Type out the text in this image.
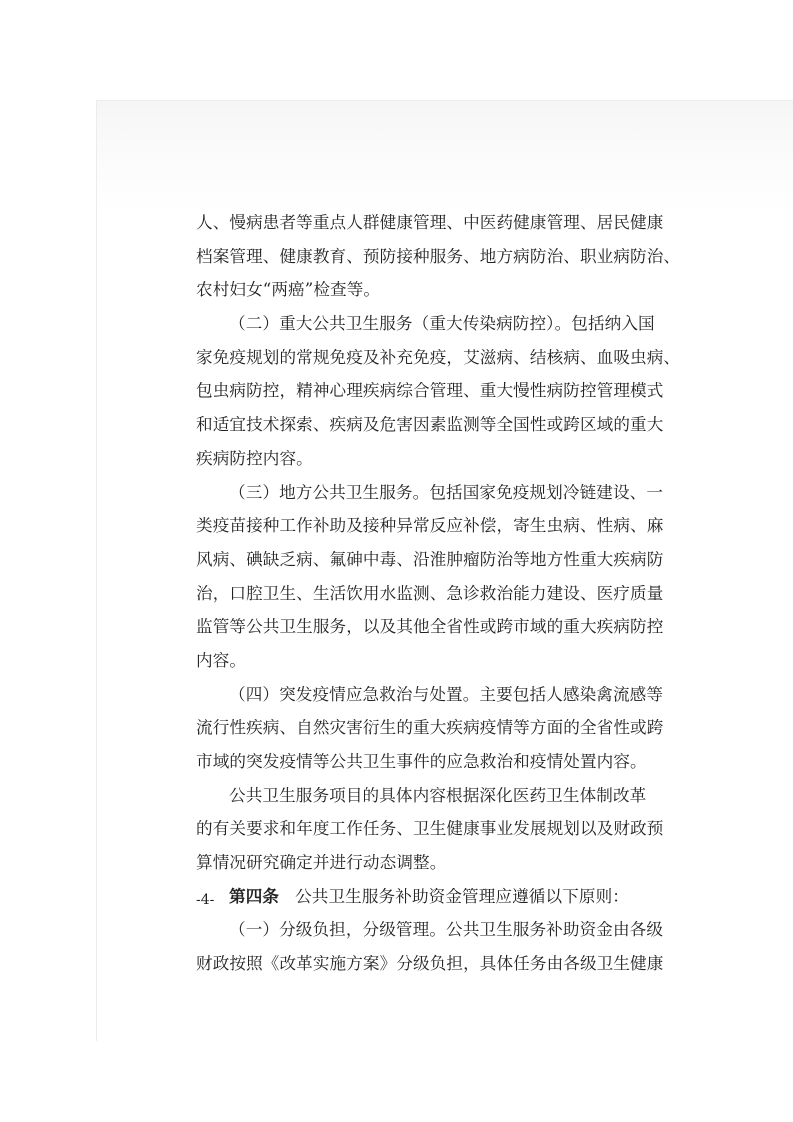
人、慢病患者等重点人群健康管理、中医药健康管理、居民健康
档案管理、健康教育、预防接种服务、地方病防治、职业病防治、
农村妇女“两癌”检查等。
（二）重大公共卫生服务（重大传染病防控）。包括纳入国
家免疫规划的常规免疫及补充免疫，艾滋病、结核病、血吸虫病、
包虫病防控，精神心理疾病综合管理、重大慢性病防控管理模式
和适宜技术探索、疾病及危害因素监测等全国性或跨区域的重大
疾病防控内容。
（三）地方公共卫生服务。包括国家免疫规划冷链建设、一
类疫苗接种工作补助及接种异常反应补偿，寄生虫病、性病、麻
风病、碘缺乏病、氟砷中毒、沿淮肿瘤防治等地方性重大疾病防
治，口腔卫生、生活饮用水监测、急诊救治能力建设、医疗质量
监管等公共卫生服务，以及其他全省性或跨市域的重大疾病防控
内容。
（四）突发疫情应急救治与处置。主要包括人感染禽流感等
流行性疾病、自然灾害衍生的重大疾病疫情等方面的全省性或跨
市域的突发疫情等公共卫生事件的应急救治和疫情处置内容。
公共卫生服务项目的具体内容根据深化医药卫生体制改革
的有关要求和年度工作任务、卫生健康事业发展规划以及财政预
算情况研究确定并进行动态调整。
第四条 公共卫生服务补助资金管理应遵循以下原则：
（一）分级负担，分级管理。公共卫生服务补助资金由各级
财政按照《改革实施方案》分级负担，具体任务由各级卫生健康
-4-
